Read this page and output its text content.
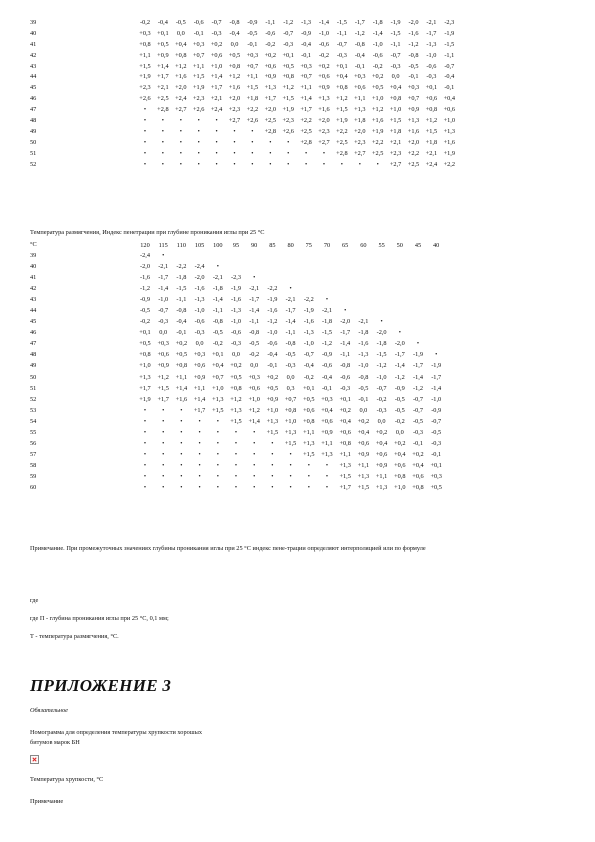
39	-0,2	-0,4	-0,5	-0,6	-0,7	-0,8	-0,9	-1,1	-1,2	-1,3	-1,4	-1,5	-1,7	-1,8	-1,9	-2,0	-2,1	-2,3
40	+0,3	+0,1	0,0	-0,1	-0,3	-0,4	-0,5	-0,6	-0,7	-0,9	-1,0	-1,1	-1,2	-1,4	-1,5	-1,6	-1,7	-1,9
41	+0,8	+0,5	+0,4	+0,3	+0,2	0,0	-0,1	-0,2	-0,3	-0,4	-0,6	-0,7	-0,8	-1,0	-1,1	-1,2	-1,3	-1,5
42	+1,1	+0,9	+0,8	+0,7	+0,6	+0,5	+0,3	+0,2	+0,1	-0,1	-0,2	-0,3	-0,4	-0,6	-0,7	-0,8	-1,0	-1,1
43	+1,5	+1,4	+1,2	+1,1	+1,0	+0,8	+0,7	+0,6	+0,5	+0,3	+0,2	+0,1	-0,1	-0,2	-0,3	-0,5	-0,6	-0,7
44	+1,9	+1,7	+1,6	+1,5	+1,4	+1,2	+1,1	+0,9	+0,8	+0,7	+0,6	+0,4	+0,3	+0,2	0,0	-0,1	-0,3	-0,4
45	+2,3	+2,1	+2,0	+1,9	+1,7	+1,6	+1,5	+1,3	+1,2	+1,1	+0,9	+0,8	+0,6	+0,5	+0,4	+0,3	+0,1	-0,1
46	+2,6	+2,5	+2,4	+2,3	+2,1	+2,0	+1,8	+1,7	+1,5	+1,4	+1,3	+1,2	+1,1	+1,0	+0,8	+0,7	+0,6	+0,4
47	•	+2,8	+2,7	+2,6	+2,4	+2,3	+2,2	+2,0	+1,9	+1,7	+1,6	+1,5	+1,3	+1,2	+1,0	+0,9	+0,8	+0,6
48	•	•	•	•	•	+2,7	+2,6	+2,5	+2,3	+2,2	+2,0	+1,9	+1,8	+1,6	+1,5	+1,3	+1,2	+1,0
49	•	•	•	•	•	•	•	+2,8	+2,6	+2,5	+2,3	+2,2	+2,0	+1,9	+1,8	+1,6	+1,5	+1,3
50	•	•	•	•	•	•	•	•	•	+2,8	+2,7	+2,5	+2,3	+2,2	+2,1	+2,0	+1,8	+1,6
51	•	•	•	•	•	•	•	•	•	•	•	+2,8	+2,7	+2,5	+2,3	+2,2	+2,1	+1,9
52	•	•	•	•	•	•	•	•	•	•	•	•	•	•	+2,7	+2,5	+2,4	+2,2
Температура размягчения, Индекс пенетрации при глубине проникания иглы при 25 °С
°С	120	115	110	105	100	95	90	85	80	75	70	65	60	55	50	45	40
39	-2,4	•
40	-2,0	-2,1	-2,2	-2,4	•
41	-1,6	-1,7	-1,8	-2,0	-2,1	-2,3	•
42	-1,2	-1,4	-1,5	-1,6	-1,8	-1,9	-2,1	-2,2	•
43	-0,9	-1,0	-1,1	-1,3	-1,4	-1,6	-1,7	-1,9	-2,1	-2,2	•
44	-0,5	-0,7	-0,8	-1,0	-1,1	-1,3	-1,4	-1,6	-1,7	-1,9	-2,1	•
45	-0,2	-0,3	-0,4	-0,6	-0,8	-1,0	-1,1	-1,2	-1,4	-1,6	-1,8	-2,0	-2,1	•
46	+0,1	0,0	-0,1	-0,3	-0,5	-0,6	-0,8	-1,0	-1,1	-1,3	-1,5	-1,7	-1,8	-2,0	•
47	+0,5	+0,3	+0,2	0,0	-0,2	-0,3	-0,5	-0,6	-0,8	-1,0	-1,2	-1,4	-1,6	-1,8	-2,0	•
48	+0,8	+0,6	+0,5	+0,3	+0,1	0,0	-0,2	-0,4	-0,5	-0,7	-0,9	-1,1	-1,3	-1,5	-1,7	-1,9	•
49	+1,0	+0,9	+0,8	+0,6	+0,4	+0,2	0,0	-0,1	-0,3	-0,4	-0,6	-0,8	-1,0	-1,2	-1,4	-1,7	-1,9
50	+1,3	+1,2	+1,1	+0,9	+0,7	+0,5	+0,3	+0,2	0,0	-0,2	-0,4	-0,6	-0,8	-1,0	-1,2	-1,4	-1,7
51	+1,7	+1,5	+1,4	+1,1	+1,0	+0,8	+0,6	+0,5	0,3	+0,1	-0,1	-0,3	-0,5	-0,7	-0,9	-1,2	-1,4
52	+1,9	+1,7	+1,6	+1,4	+1,3	+1,2	+1,0	+0,9	+0,7	+0,5	+0,3	+0,1	-0,1	-0,2	-0,5	-0,7	-1,0
53	•	•	•	+1,7	+1,5	+1,3	+1,2	+1,0	+0,8	+0,6	+0,4	+0,2	0,0	-0,3	-0,5	-0,7	-0,9
54	•	•	•	•	•	+1,5	+1,4	+1,3	+1,0	+0,8	+0,6	+0,4	+0,2	0,0	-0,2	-0,5	-0,7
55	•	•	•	•	•	•	•	+1,5	+1,3	+1,1	+0,9	+0,6	+0,4	+0,2	0,0	-0,3	-0,5
56	•	•	•	•	•	•	•	•	+1,5	+1,3	+1,1	+0,8	+0,6	+0,4	+0,2	-0,1	-0,3
57	•	•	•	•	•	•	•	•	•	+1,5	+1,3	+1,1	+0,9	+0,6	+0,4	+0,2	-0,1
58	•	•	•	•	•	•	•	•	•	•	•	+1,3	+1,1	+0,9	+0,6	+0,4	+0,1
59	•	•	•	•	•	•	•	•	•	•	•	+1,5	+1,3	+1,1	+0,8	+0,6	+0,3
60	•	•	•	•	•	•	•	•	•	•	•	+1,7	+1,5	+1,3	+1,0	+0,8	+0,5
Примечание. При промежуточных значениях глубины проникания иглы при 25 °С индекс пене-трации определяют интерполяцией или по формуле
где
где П - глубина проникания иглы при 25 °С, 0,1 мм;
Т - температура размягчения, °С.
ПРИЛОЖЕНИЕ 3
Обязательное
Номограмма для определения температуры хрупкости хорошых
битумов марок БН
Температура хрупкости, °С
Примечание
